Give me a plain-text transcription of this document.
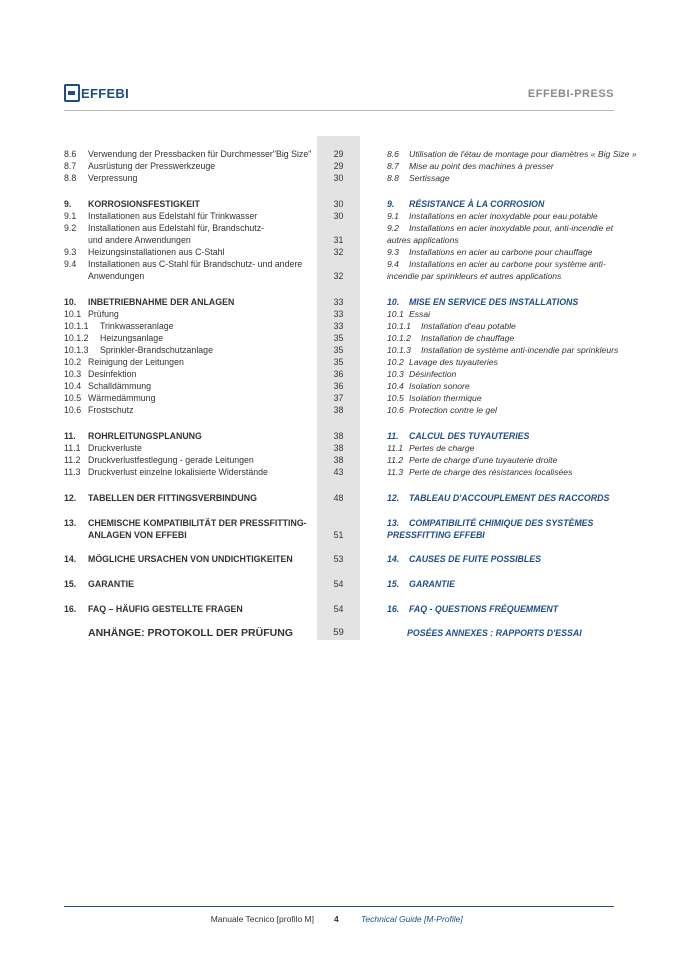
EFFEBI	EFFEBI-PRESS
8.6 Verwendung der Pressbacken für Durchmesser"Big Size"	29
8.7 Ausrüstung der Presswerkzeuge	29
8.8 Verpressung	30
9. KORROSIONSFESTIGKEIT	30
9.1 Installationen aus Edelstahl für Trinkwasser	30
9.2 Installationen aus Edelstahl für, Brandschutz-
und andere Anwendungen	31
9.3 Heizungsinstallationen aus C-Stahl	32
9.4 Installationen aus C-Stahl für Brandschutz- und andere
Anwendungen	32
10. INBETRIEBNAHME DER ANLAGEN	33
10.1 Prüfung	33
10.1.1 Trinkwasseranlage	33
10.1.2 Heizungsanlage	35
10.1.3 Sprinkler-Brandschutzanlage	35
10.2 Reinigung der Leitungen	35
10.3 Desinfektion	36
10.4 Schalldämmung	36
10.5 Wärmedämmung	37
10.6 Frostschutz	38
11. ROHRLEITUNGSPLANUNG	38
11.1 Druckverluste	38
11.2 Druckverlustfestlegung - gerade Leitungen	38
11.3 Druckverlust einzelne lokalisierte Widerstände	43
12. TABELLEN DER FITTINGSVERBINDUNG	48
13. CHEMISCHE KOMPATIBILITÄT DER PRESSFITTING-
ANLAGEN VON EFFEBI	51
14. MÖGLICHE URSACHEN VON UNDICHTIGKEITEN	53
15. GARANTIE	54
16. FAQ – HÄUFIG GESTELLTE FRAGEN	54
ANHÄNGE: PROTOKOLL DER PRÜFUNG	59
8.6 Utilisation de l'étau de montage pour diamètres « Big Size »
8.7 Mise au point des machines à presser
8.8 Sertissage
9. RÉSISTANCE À LA CORROSION
9.1 Installations en acier inoxydable pour eau potable
9.2 Installations en acier inoxydable pour, anti-incendie et
autres applications
9.3 Installations en acier au carbone pour chauffage
9.4 Installations en acier au carbone pour système anti-
incendie par sprinkleurs et autres applications
10. MISE EN SERVICE DES INSTALLATIONS
10.1 Essai
10.1.1 Installation d'eau potable
10.1.2 Installation de chauffage
10.1.3 Installation de système anti-incendie par sprinkleurs
10.2 Lavage des tuyauteries
10.3 Désinfection
10.4 Isolation sonore
10.5 Isolation thermique
10.6 Protection contre le gel
11. CALCUL DES TUYAUTERIES
11.1 Pertes de charge
11.2 Perte de charge d'une tuyauterie droite
11.3 Perte de charge des résistances localisées
12. TABLEAU D'ACCOUPLEMENT DES RACCORDS
13. COMPATIBILITÉ CHIMIQUE DES SYSTÈMES
PRESSFITTING EFFEBI
14. CAUSES DE FUITE POSSIBLES
15. GARANTIE
16. FAQ - QUESTIONS FRÉQUEMMENT
POSÉES ANNEXES : RAPPORTS D'ESSAI
Manuale Tecnico [profilo M] 4	Technical Guide [M-Profile]
